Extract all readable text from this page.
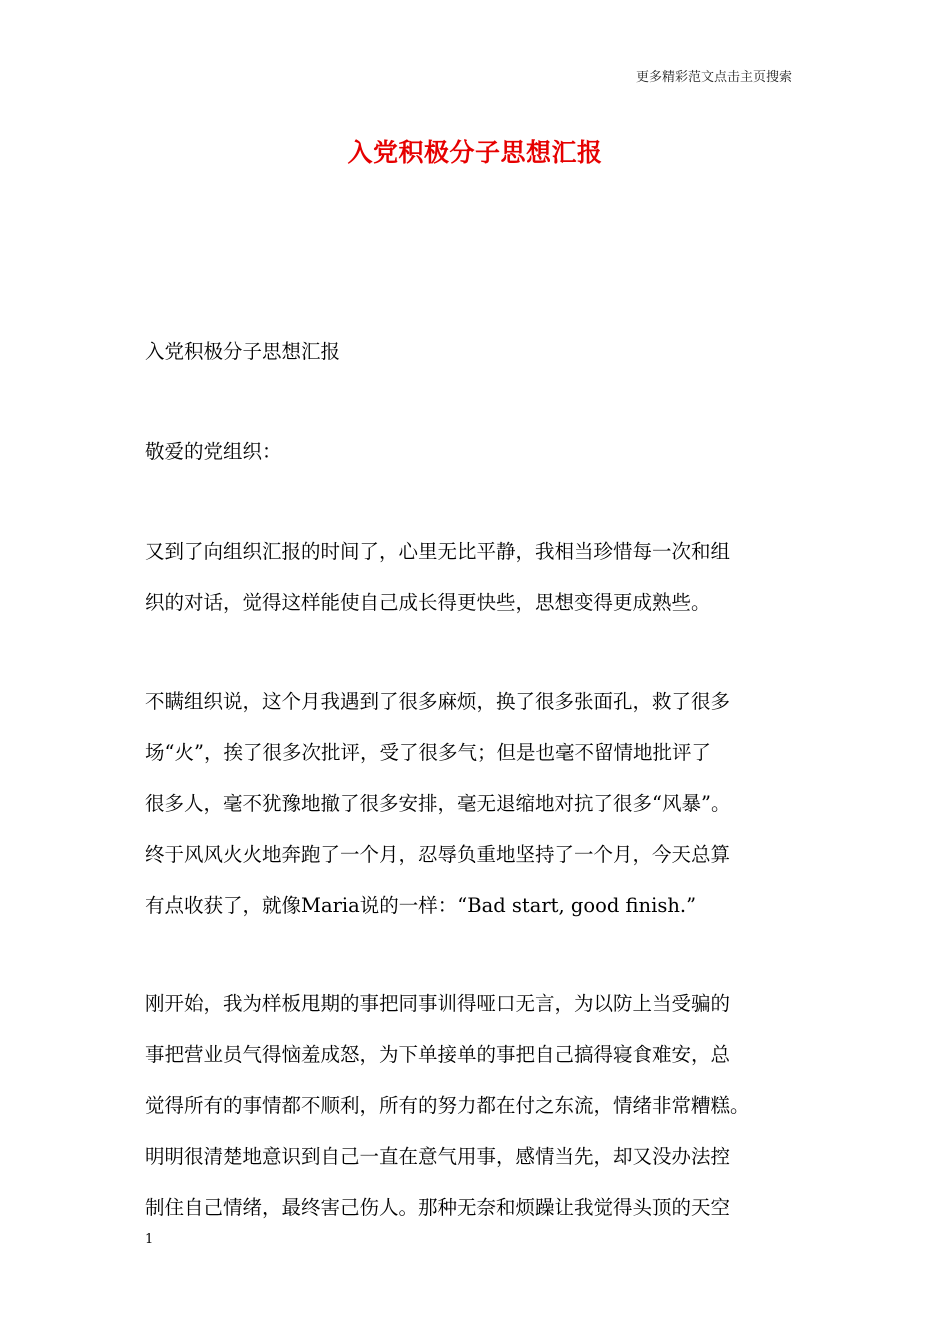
更多精彩范文点击主页搜索
入党积极分子思想汇报
入党积极分子思想汇报
敬爱的党组织：

又到了向组织汇报的时间了，心里无比平静，我相当珍惜每一次和组

织的对话，觉得这样能使自己成长得更快些，思想变得更成熟些。

不瞒组织说，这个月我遇到了很多麻烦，换了很多张面孔，救了很多

场“火”，挨了很多次批评，受了很多气；但是也毫不留情地批评了

很多人，毫不犹豫地撤了很多安排，毫无退缩地对抗了很多“风暴”。

终于风风火火地奔跑了一个月，忍辱负重地坚持了一个月，今天总算

有点收获了，就像Maria说的一样：“Bad start, good finish.”

刚开始，我为样板甩期的事把同事训得哑口无言，为以防上当受骗的

事把营业员气得恼羞成怒，为下单接单的事把自己搞得寝食难安，总

觉得所有的事情都不顺利，所有的努力都在付之东流，情绪非常糟糕。

明明很清楚地意识到自己一直在意气用事，感情当先，却又没办法控

制住自己情绪，最终害己伤人。那种无奈和烦躁让我觉得头顶的天空

1
